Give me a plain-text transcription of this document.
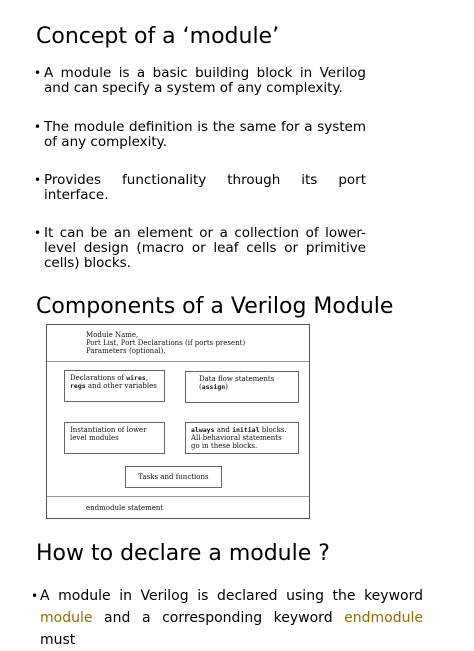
Concept of a ‘module’
• A module is a basic building block in Verilog and can specify a system of any complexity.
• The module definition is the same for a system of any complexity.
• Provides functionality through its port interface.
• It can be an element or a collection of lower-level design (macro or leaf cells or primitive cells) blocks.
Components of a Verilog Module
Module Name,
Port List, Port Declarations (if ports present)
Parameters (optional),
Declarations of wires,
regs and other variables
Data flow statements
(assign)
Instantiation of lower
level modules
always and initial blocks.
All behavioral statements
go in these blocks.
Tasks and functions
endmodule statement
How to declare a module ?
• A module in Verilog is declared using the keyword module and a corresponding keyword endmodule must
